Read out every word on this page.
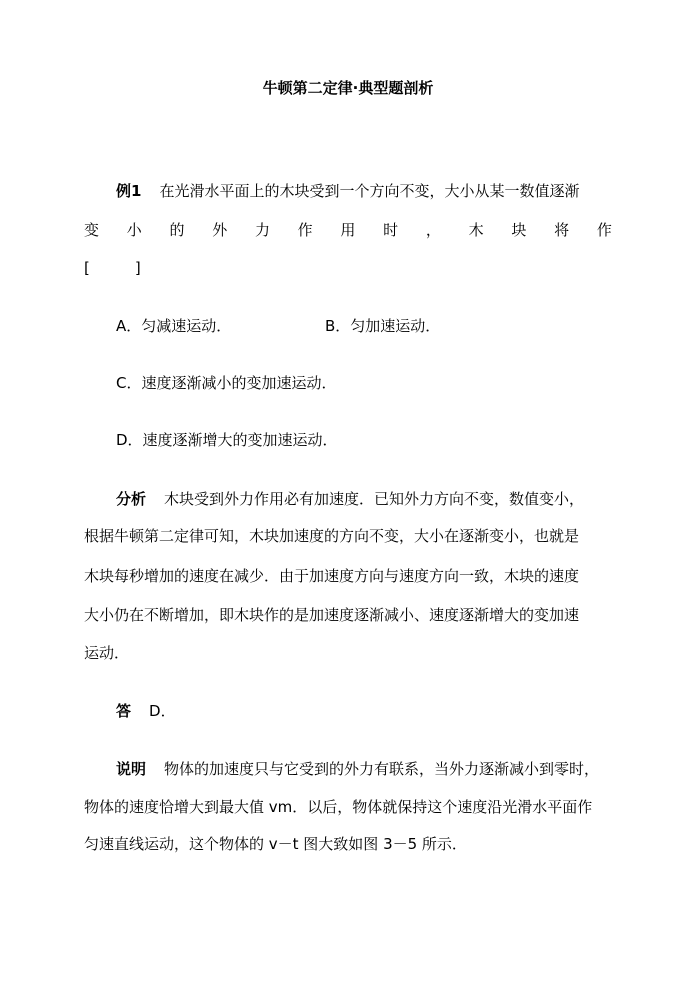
牛顿第二定律·典型题剖析
例1 在光滑水平面上的木块受到一个方向不变，大小从某一数值逐渐
变 小 的 外 力 作 用 时 ， 木 块 将 作
[　　　]
A．匀减速运动．	B．匀加速运动．
C．速度逐渐减小的变加速运动．
D．速度逐渐增大的变加速运动．
分析 木块受到外力作用必有加速度．已知外力方向不变，数值变小，
根据牛顿第二定律可知，木块加速度的方向不变，大小在逐渐变小，也就是
木块每秒增加的速度在减少．由于加速度方向与速度方向一致，木块的速度
大小仍在不断增加，即木块作的是加速度逐渐减小、速度逐渐增大的变加速
运动．
答 D．
说明 物体的加速度只与它受到的外力有联系，当外力逐渐减小到零时，
物体的速度恰增大到最大值 vm．以后，物体就保持这个速度沿光滑水平面作
匀速直线运动，这个物体的 v－t 图大致如图 3－5 所示．
